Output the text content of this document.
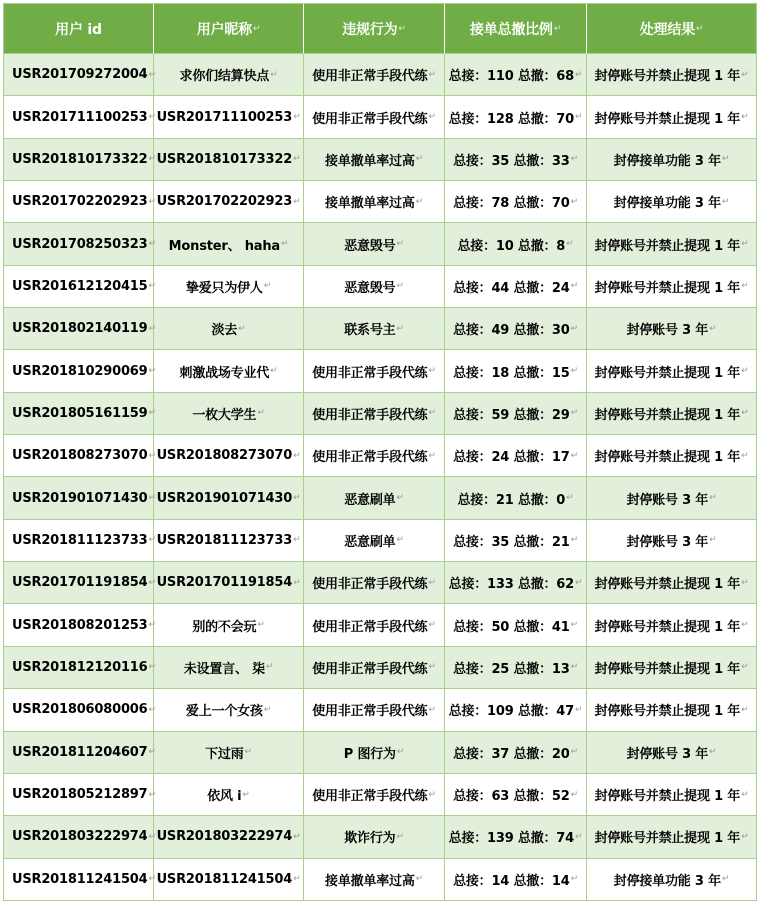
用户 id	用户昵称 ↵	违规行为 ↵	接单总撤比例 ↵	处理结果 ↵
USR201709272004 ↵ 求你们结算快点 ↵	使用非正常手段代练 ↵ 总接：110 总撤：68 ↵ 封停账号并禁止提现 1 年 ↵
USR201711100253 ↵ USR201711100253 ↵ 使用非正常手段代练 ↵ 总接：128 总撤：70 ↵ 封停账号并禁止提现 1 年 ↵
USR201810173322 ↵ USR201810173322 ↵ 接单撤单率过高 ↵ 总接：35 总撤：33 ↵	封停接单功能 3 年 ↵
USR201702202923 ↵ USR201702202923 ↵ 接单撤单率过高 ↵ 总接：78 总撤：70 ↵	封停接单功能 3 年 ↵
USR201708250323 ↵ Monster、 haha ↵	恶意毁号 ↵	总接：10 总撤：8 ↵ 封停账号并禁止提现 1 年 ↵
USR201612120415 ↵ 挚爱只为伊人 ↵	恶意毁号 ↵	总接：44 总撤：24 ↵ 封停账号并禁止提现 1 年 ↵
USR201802140119 ↵	淡去 ↵	联系号主 ↵	总接：49 总撤：30 ↵	封停账号 3 年 ↵
USR201810290069 ↵ 刺激战场专业代 ↵	使用非正常手段代练 ↵ 总接：18 总撤：15 ↵ 封停账号并禁止提现 1 年 ↵
USR201805161159 ↵	一枚大学生 ↵	使用非正常手段代练 ↵ 总接：59 总撤：29 ↵ 封停账号并禁止提现 1 年 ↵
USR201808273070 ↵ USR201808273070 ↵ 使用非正常手段代练 ↵ 总接：24 总撤：17 ↵ 封停账号并禁止提现 1 年 ↵
USR201901071430 ↵ USR201901071430 ↵	恶意刷单 ↵	总接：21 总撤：0 ↵	封停账号 3 年 ↵
USR201811123733 ↵ USR201811123733 ↵	恶意刷单 ↵	总接：35 总撤：21 ↵	封停账号 3 年 ↵
USR201701191854 ↵ USR201701191854 ↵ 使用非正常手段代练 ↵ 总接：133 总撤：62 ↵ 封停账号并禁止提现 1 年 ↵
USR201808201253 ↵	别的不会玩 ↵	使用非正常手段代练 ↵ 总接：50 总撤：41 ↵ 封停账号并禁止提现 1 年 ↵
USR201812120116 ↵ 未设置言、 柒 ↵	使用非正常手段代练 ↵ 总接：25 总撤：13 ↵ 封停账号并禁止提现 1 年 ↵
USR201806080006 ↵ 爱上一个女孩 ↵	使用非正常手段代练 ↵ 总接：109 总撤：47 ↵ 封停账号并禁止提现 1 年 ↵
USR201811204607 ↵	下过雨 ↵	P 图行为 ↵	总接：37 总撤：20 ↵	封停账号 3 年 ↵
USR201805212897 ↵	依风 i ↵	使用非正常手段代练 ↵ 总接：63 总撤：52 ↵ 封停账号并禁止提现 1 年 ↵
USR201803222974 ↵ USR201803222974 ↵	欺诈行为 ↵	总接：139 总撤：74 ↵ 封停账号并禁止提现 1 年 ↵
USR201811241504 ↵ USR201811241504 ↵ 接单撤单率过高 ↵ 总接：14 总撤：14 ↵	封停接单功能 3 年 ↵
